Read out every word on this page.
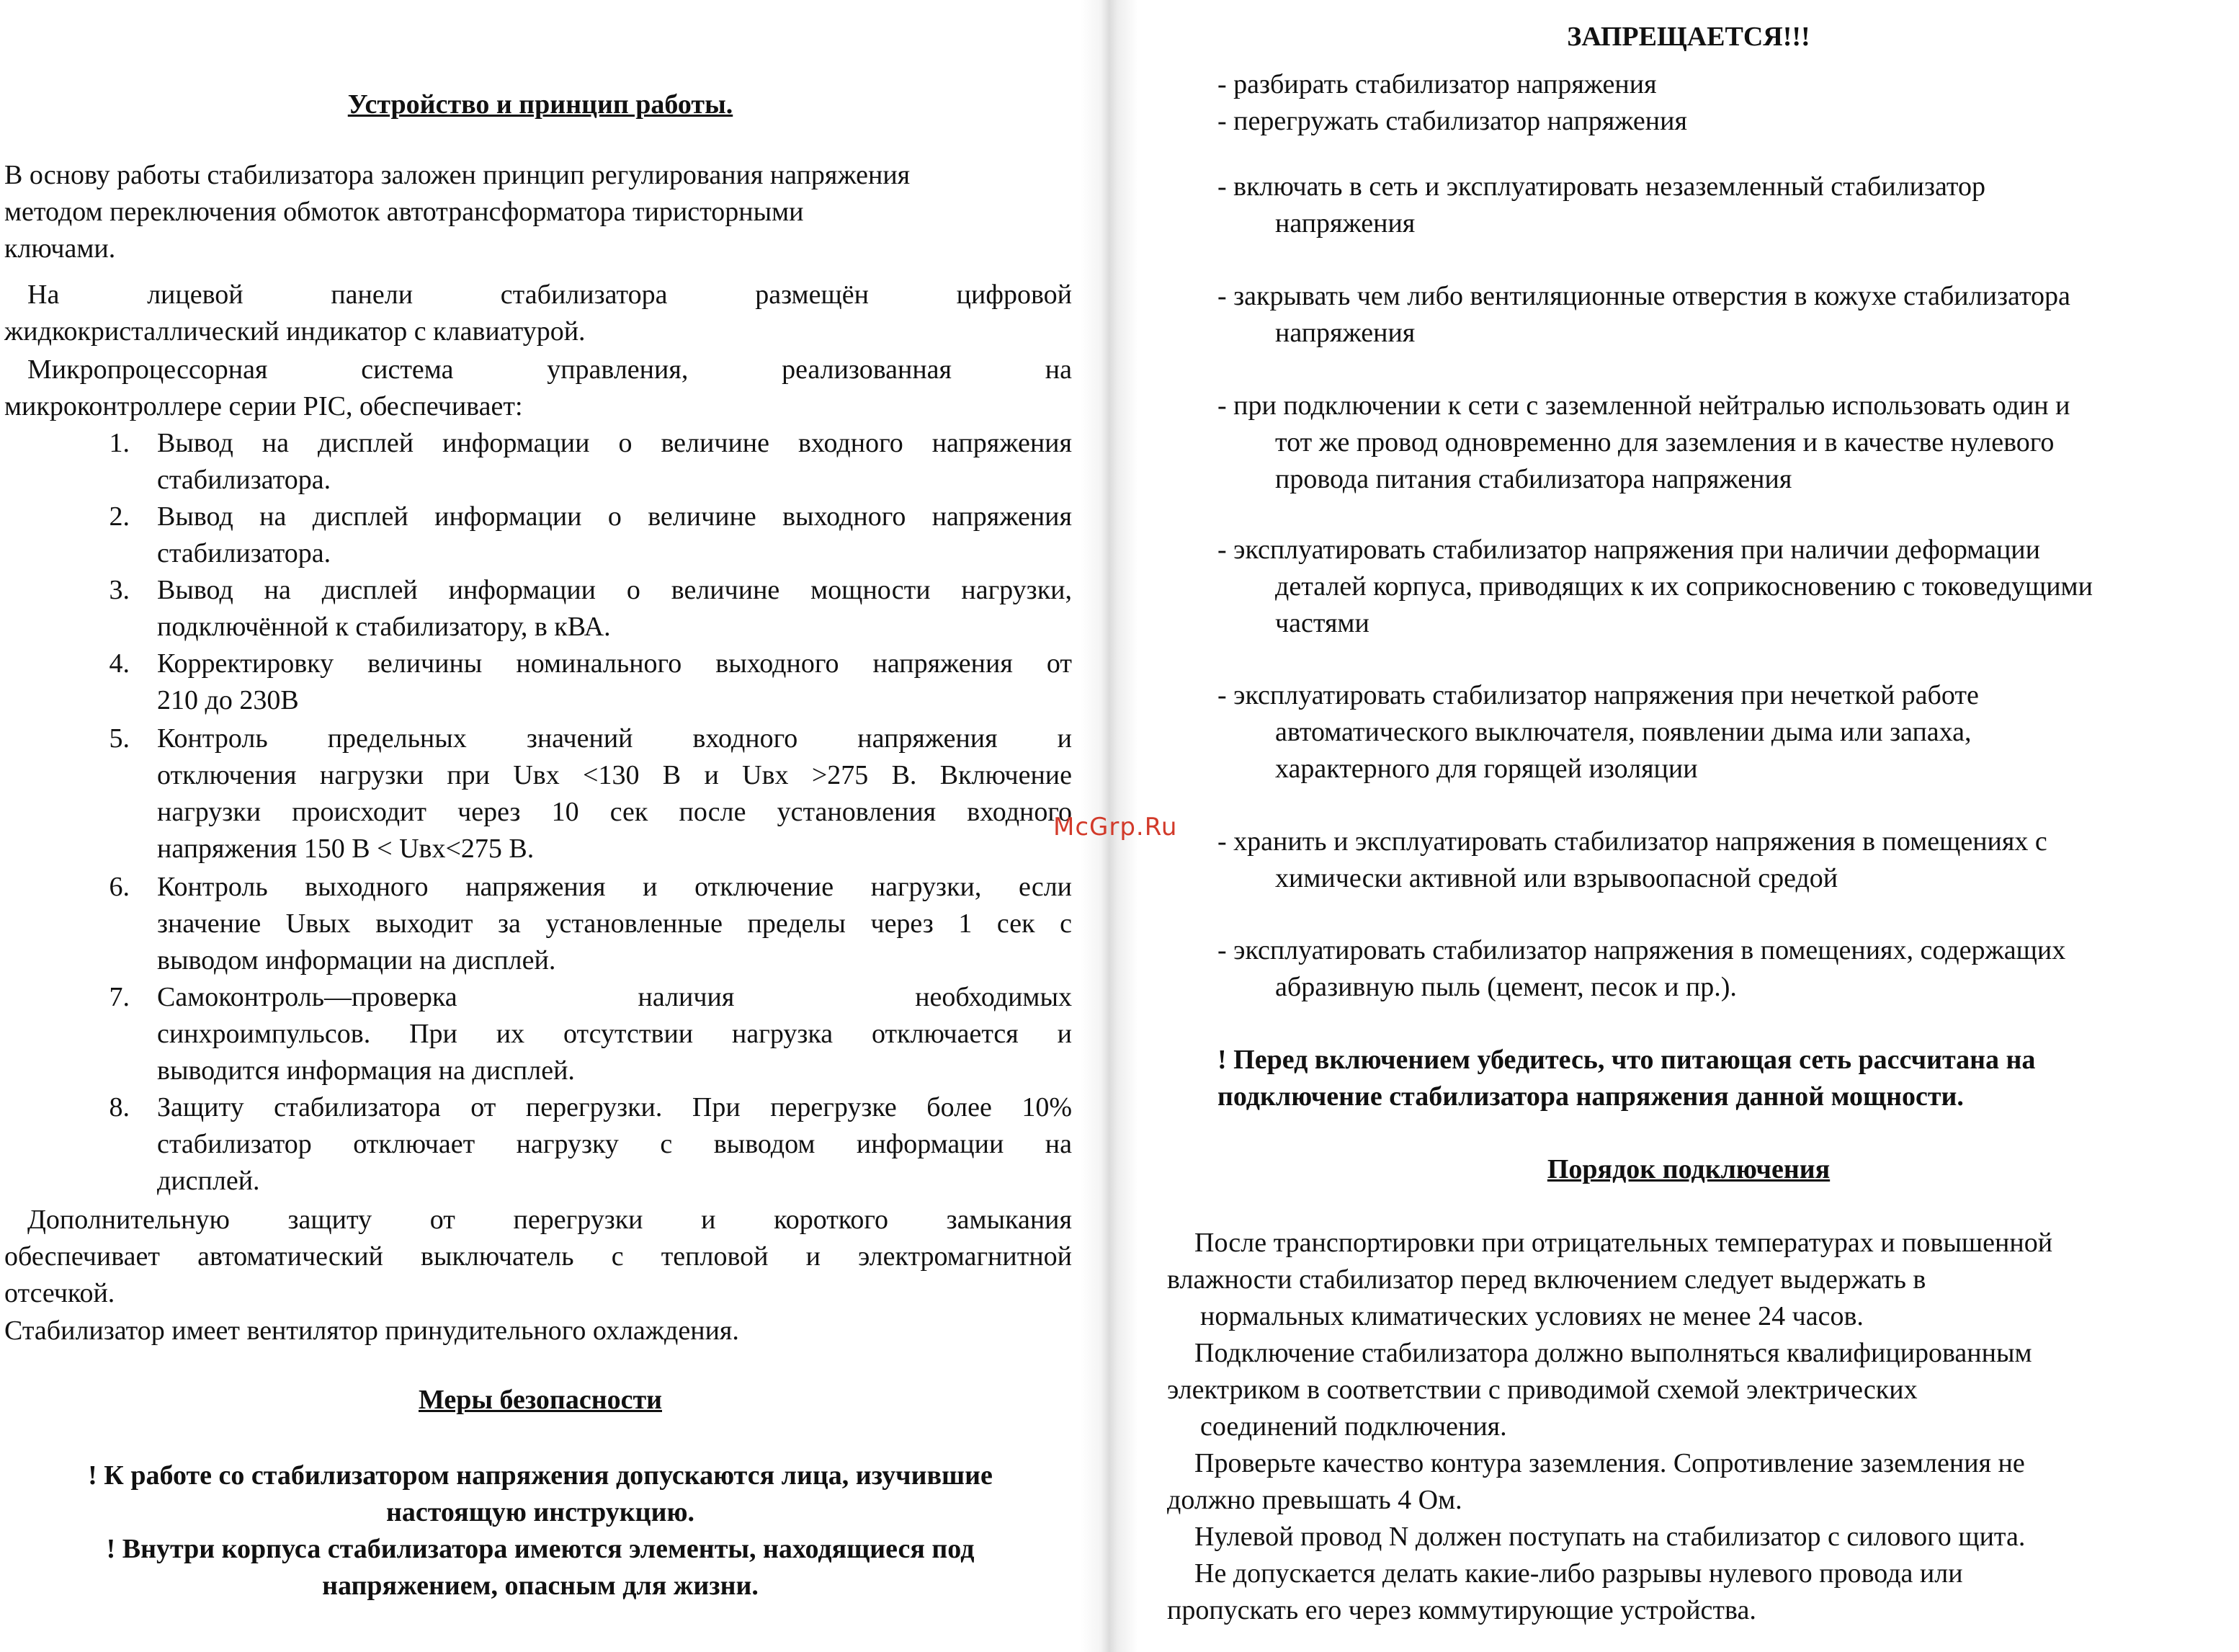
Устройство и принцип работы.
В основу работы стабилизатора заложен принцип регулирования напряжения
методом переключения обмоток автотрансформатора тиристорными
ключами.
На лицевой панели стабилизатора размещён цифровой
жидкокристаллический индикатор с клавиатурой.
Микропроцессорная система управления, реализованная на
микроконтроллере серии PIC, обеспечивает:
1. Вывод на дисплей информации о величине входного напряжения
стабилизатора.
2. Вывод на дисплей информации о величине выходного напряжения
стабилизатора.
3. Вывод на дисплей информации о величине мощности нагрузки,
подключённой к стабилизатору, в кВА.
4. Корректировку величины номинального выходного напряжения от
210 до 230В
5. Контроль предельных значений входного напряжения и
отключения нагрузки при Uвх <130 В и Uвх >275 В. Включение
нагрузки происходит через 10 сек после установления входного
напряжения 150 В < Uвх<275 В.
6. Контроль выходного напряжения и отключение нагрузки, если
значение Uвых выходит за установленные пределы через 1 сек с
выводом информации на дисплей.
7. Самоконтроль—проверка наличия необходимых
синхроимпульсов. При их отсутствии нагрузка отключается и
выводится информация на дисплей.
8. Защиту стабилизатора от перегрузки. При перегрузке более 10%
стабилизатор отключает нагрузку с выводом информации на
дисплей.
Дополнительную защиту от перегрузки и короткого замыкания
обеспечивает автоматический выключатель с тепловой и электромагнитной
отсечкой.
Стабилизатор имеет вентилятор принудительного охлаждения.
Меры безопасности
! К работе со стабилизатором напряжения допускаются лица, изучившие
настоящую инструкцию.
! Внутри корпуса стабилизатора имеются элементы, находящиеся под
напряжением, опасным для жизни.
McGrp.Ru
ЗАПРЕЩАЕТСЯ!!!
- разбирать стабилизатор напряжения
- перегружать стабилизатор напряжения
- включать в сеть и эксплуатировать незаземленный стабилизатор
напряжения
- закрывать чем либо вентиляционные отверстия в кожухе стабилизатора
напряжения
- при подключении к сети с заземленной нейтралью использовать один и
тот же провод одновременно для заземления и в качестве нулевого
провода питания стабилизатора напряжения
- эксплуатировать стабилизатор напряжения при наличии деформации
деталей корпуса, приводящих к их соприкосновению с токоведущими
частями
- эксплуатировать стабилизатор напряжения при нечеткой работе
автоматического выключателя, появлении дыма или запаха,
характерного для горящей изоляции
- хранить и эксплуатировать стабилизатор напряжения в помещениях с
химически активной или взрывоопасной средой
- эксплуатировать стабилизатор напряжения в помещениях, содержащих
абразивную пыль (цемент, песок и пр.).
! Перед включением убедитесь, что питающая сеть рассчитана на
подключение стабилизатора напряжения данной мощности.
Порядок подключения
После транспортировки при отрицательных температурах и повышенной
влажности стабилизатор перед включением следует выдержать в
нормальных климатических условиях не менее 24 часов.
Подключение стабилизатора должно выполняться квалифицированным
электриком в соответствии с приводимой схемой электрических
соединений подключения.
Проверьте качество контура заземления. Сопротивление заземления не
должно превышать 4 Ом.
Нулевой провод N должен поступать на стабилизатор с силового щита.
Не допускается делать какие-либо разрывы нулевого провода или
пропускать его через коммутирующие устройства.
